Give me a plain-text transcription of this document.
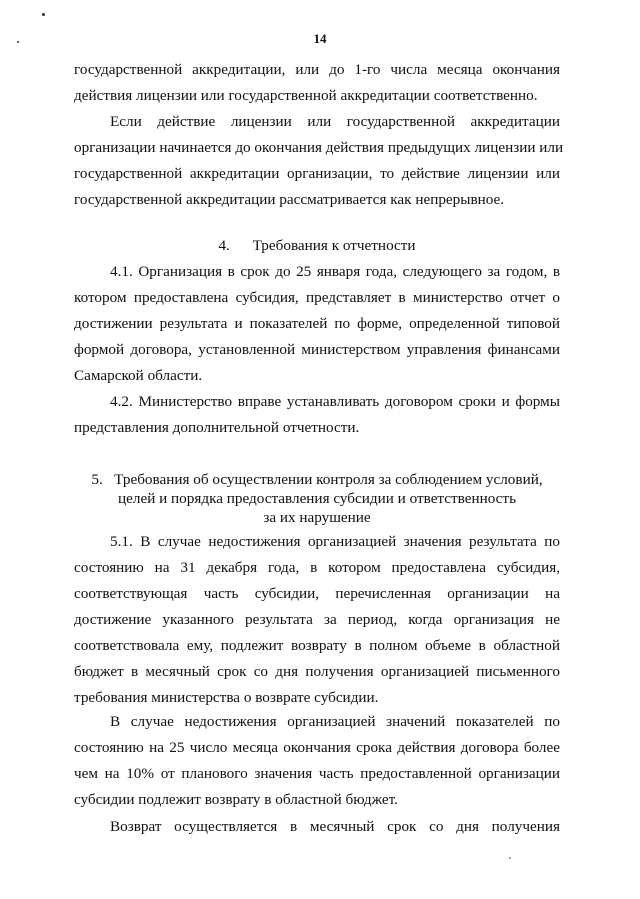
14
государственной аккредитации, или до 1-го числа месяца окончания
действия лицензии или государственной аккредитации соответственно.
Если действие лицензии или государственной аккредитации
организации начинается до окончания действия предыдущих лицензии или
государственной аккредитации организации, то действие лицензии или
государственной аккредитации рассматривается как непрерывное.

4.      Требования к отчетности

4.1. Организация в срок до 25 января года, следующего за годом, в
котором предоставлена субсидия, представляет в министерство отчет о
достижении результата и показателей по форме, определенной типовой
формой договора, установленной министерством управления финансами
Самарской области.
4.2. Министерство вправе устанавливать договором сроки и формы
представления дополнительной отчетности.
5.   Требования об осуществлении контроля за соблюдением условий,
целей и порядка предоставления субсидии и ответственность
за их нарушение
5.1. В случае недостижения организацией значения результата по
состоянию на 31 декабря года, в котором предоставлена субсидия,
соответствующая часть субсидии, перечисленная организации на
достижение указанного результата за период, когда организация не
соответствовала ему, подлежит возврату в полном объеме в областной
бюджет в месячный срок со дня получения организацией письменного
требования министерства о возврате субсидии.
В случае недостижения организацией значений показателей по
состоянию на 25 число месяца окончания срока действия договора более
чем на 10% от планового значения часть предоставленной организации
субсидии подлежит возврату в областной бюджет.
Возврат осуществляется в месячный срок со дня получения
